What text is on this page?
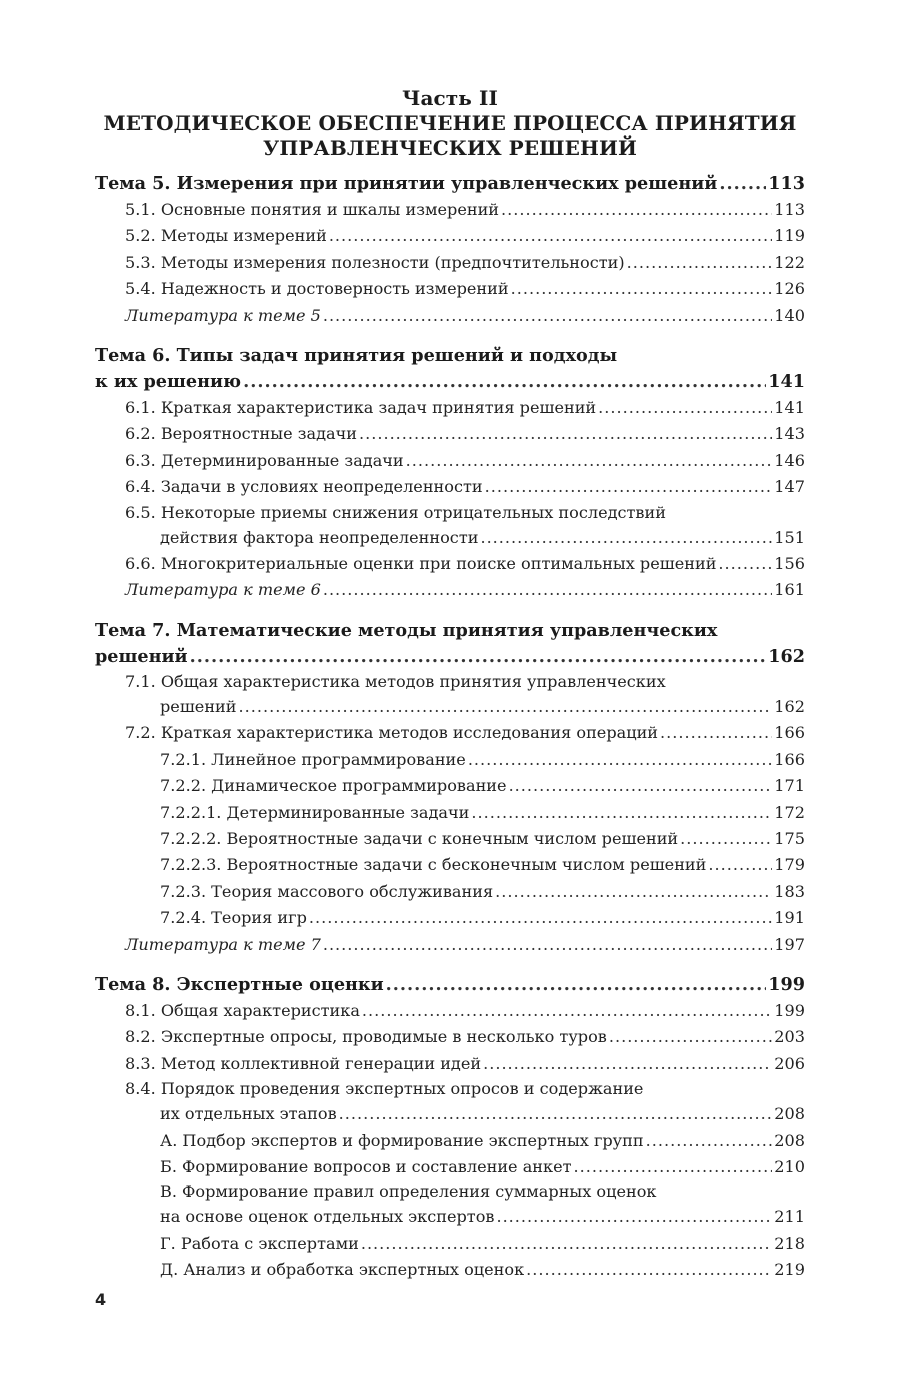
Часть II
МЕТОДИЧЕСКОЕ ОБЕСПЕЧЕНИЕ ПРОЦЕССА ПРИНЯТИЯ
УПРАВЛЕНЧЕСКИХ РЕШЕНИЙ
Тема 5. Измерения при принятии управленческих решений .....	113
5.1. Основные понятия и шкалы измерений .....	113
5.2. Методы измерений .....	119
5.3. Методы измерения полезности (предпочтительности) .....	122
5.4. Надежность и достоверность измерений .....	126
Литература к теме 5 .....	140
Тема 6. Типы задач принятия решений и подходы
к их решению .....	141
6.1. Краткая характеристика задач принятия решений .....	141
6.2. Вероятностные задачи .....	143
6.3. Детерминированные задачи .....	146
6.4. Задачи в условиях неопределенности .....	147
6.5. Некоторые приемы снижения отрицательных последствий
действия фактора неопределенности .....	151
6.6. Многокритериальные оценки при поиске оптимальных решений .....	156
Литература к теме 6 .....	161
Тема 7. Математические методы принятия управленческих
решений .....	162
7.1. Общая характеристика методов принятия управленческих
решений .....	162
7.2. Краткая характеристика методов исследования операций .....	166
7.2.1. Линейное программирование .....	166
7.2.2. Динамическое программирование .....	171
7.2.2.1. Детерминированные задачи .....	172
7.2.2.2. Вероятностные задачи с конечным числом решений .....	175
7.2.2.3. Вероятностные задачи с бесконечным числом решений .....	179
7.2.3. Теория массового обслуживания .....	183
7.2.4. Теория игр .....	191
Литература к теме 7 .....	197
Тема 8. Экспертные оценки .....	199
8.1. Общая характеристика .....	199
8.2. Экспертные опросы, проводимые в несколько туров .....	203
8.3. Метод коллективной генерации идей .....	206
8.4. Порядок проведения экспертных опросов и содержание
их отдельных этапов .....	208
А. Подбор экспертов и формирование экспертных групп .....	208
Б. Формирование вопросов и составление анкет .....	210
В. Формирование правил определения суммарных оценок
на основе оценок отдельных экспертов .....	211
Г. Работа с экспертами .....	218
Д. Анализ и обработка экспертных оценок .....	219
4
